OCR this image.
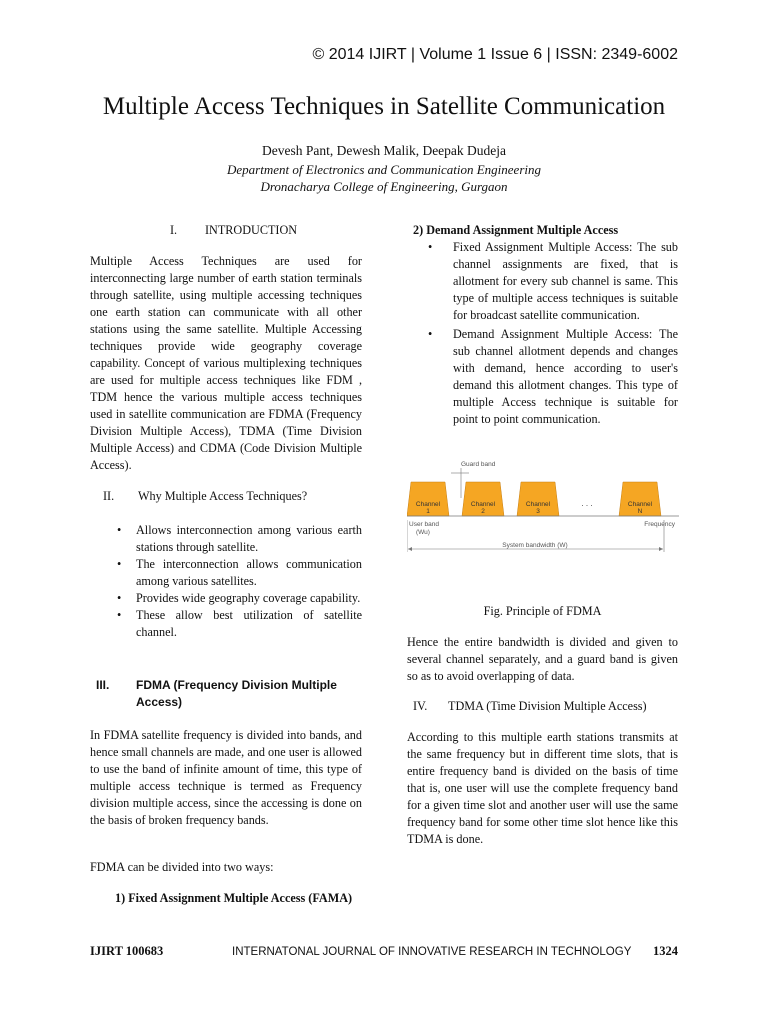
© 2014 IJIRT | Volume 1 Issue 6 | ISSN: 2349-6002
Multiple Access Techniques in Satellite Communication
Devesh Pant, Dewesh Malik, Deepak Dudeja
Department of Electronics and Communication Engineering
Dronacharya College of Engineering, Gurgaon
I. INTRODUCTION
Multiple Access Techniques are used for interconnecting large number of earth station terminals through satellite, using multiple accessing techniques one earth station can communicate with all other stations using the same satellite. Multiple Accessing techniques provide wide geography coverage capability. Concept of various multiplexing techniques are used for multiple access techniques like FDM , TDM hence the various multiple access techniques used in satellite communication are FDMA (Frequency Division Multiple Access), TDMA (Time Division Multiple Access) and CDMA (Code Division Multiple Access).
II. Why Multiple Access Techniques?
• Allows interconnection among various earth stations through satellite.
• The interconnection allows communication among various satellites.
• Provides wide geography coverage capability.
• These allow best utilization of satellite channel.
III.	FDMA (Frequency Division Multiple Access)
In FDMA satellite frequency is divided into bands, and hence small channels are made, and one user is allowed to use the band of infinite amount of time, this type of multiple access technique is termed as Frequency division multiple access, since the accessing is done on the basis of broken frequency bands.
FDMA can be divided into two ways:
1) Fixed Assignment Multiple Access (FAMA)
2) Demand Assignment Multiple Access
• Fixed Assignment Multiple Access: The sub channel assignments are fixed, that is allotment for every sub channel is same. This type of multiple access techniques is suitable for broadcast satellite communication.
• Demand Assignment Multiple Access: The sub channel allotment depends and changes with demand, hence according to user's demand this allotment changes. This type of multiple Access technique is suitable for point to point communication.
Guard band
Channel
1
Channel
2
Channel
3
Channel
N
. . .
Frequency
User band
(Wu)
System bandwidth (W)
Fig. Principle of FDMA
Hence the entire bandwidth is divided and given to several channel separately, and a guard band is given so as to avoid overlapping of data.
IV. TDMA (Time Division Multiple Access)
According to this multiple earth stations transmits at the same frequency but in different time slots, that is entire frequency band is divided on the basis of time that is, one user will use the complete frequency band for a given time slot and another user will use the same frequency band for some other time slot hence like this TDMA is done.
IJIRT 100683	INTERNATONAL JOURNAL OF INNOVATIVE RESEARCH IN TECHNOLOGY 1324
